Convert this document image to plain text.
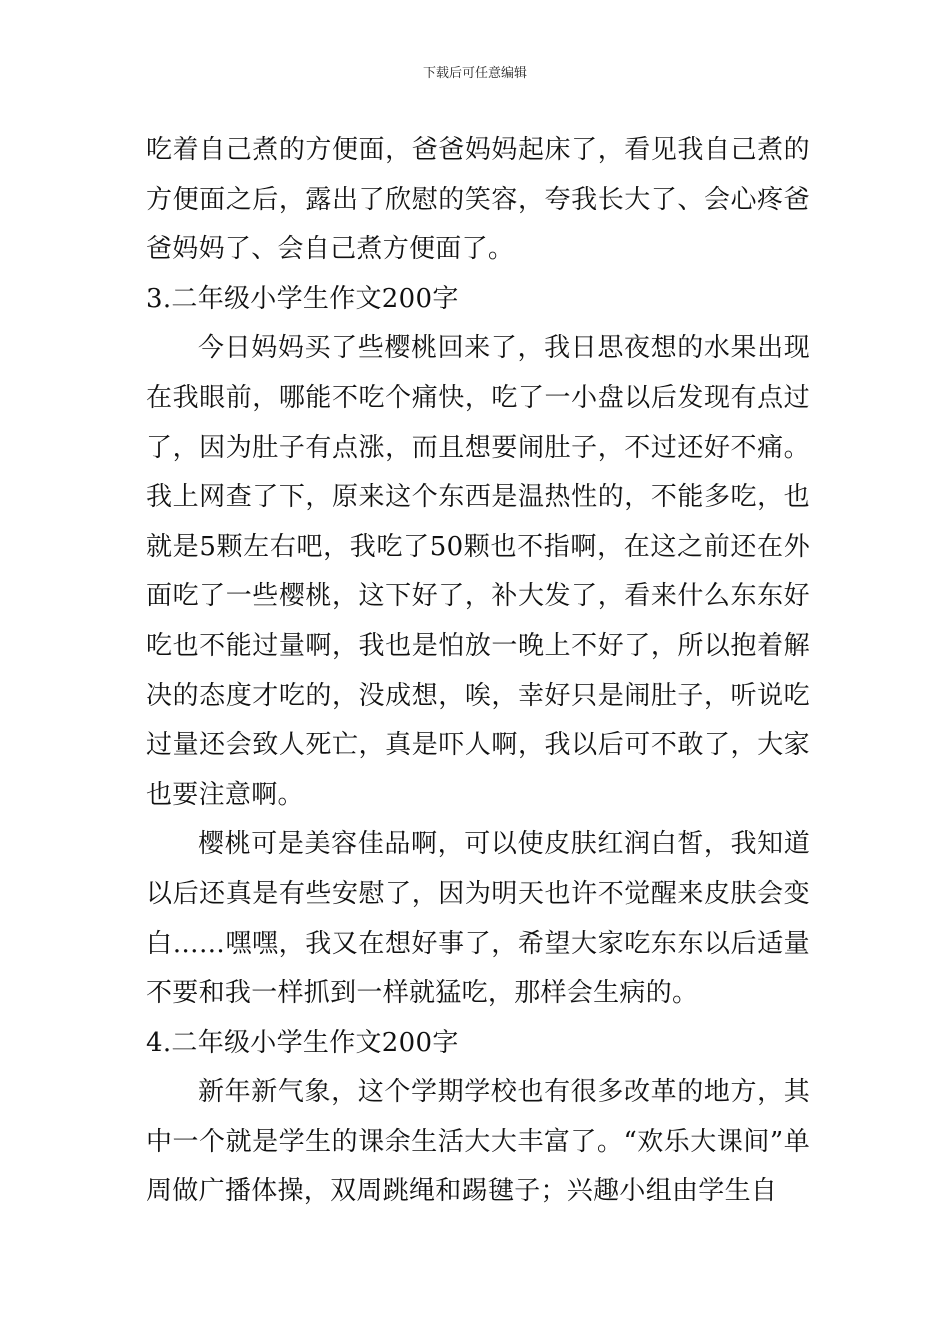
下载后可任意编辑

吃着自己煮的方便面，爸爸妈妈起床了，看见我自己煮的方便面之后，露出了欣慰的笑容，夸我长大了、会心疼爸爸妈妈了、会自己煮方便面了。

3.二年级小学生作文200字

今日妈妈买了些樱桃回来了，我日思夜想的水果出现在我眼前，哪能不吃个痛快，吃了一小盘以后发现有点过了，因为肚子有点涨，而且想要闹肚子，不过还好不痛。我上网查了下，原来这个东西是温热性的，不能多吃，也就是5颗左右吧，我吃了50颗也不指啊，在这之前还在外面吃了一些樱桃，这下好了，补大发了，看来什么东东好吃也不能过量啊，我也是怕放一晚上不好了，所以抱着解决的态度才吃的，没成想，唉，幸好只是闹肚子，听说吃过量还会致人死亡，真是吓人啊，我以后可不敢了，大家也要注意啊。

樱桃可是美容佳品啊，可以使皮肤红润白皙，我知道以后还真是有些安慰了，因为明天也许不觉醒来皮肤会变白……嘿嘿，我又在想好事了，希望大家吃东东以后适量不要和我一样抓到一样就猛吃，那样会生病的。

4.二年级小学生作文200字

新年新气象，这个学期学校也有很多改革的地方，其中一个就是学生的课余生活大大丰富了。“欢乐大课间”单周做广播体操，双周跳绳和踢毽子；兴趣小组由学生自
